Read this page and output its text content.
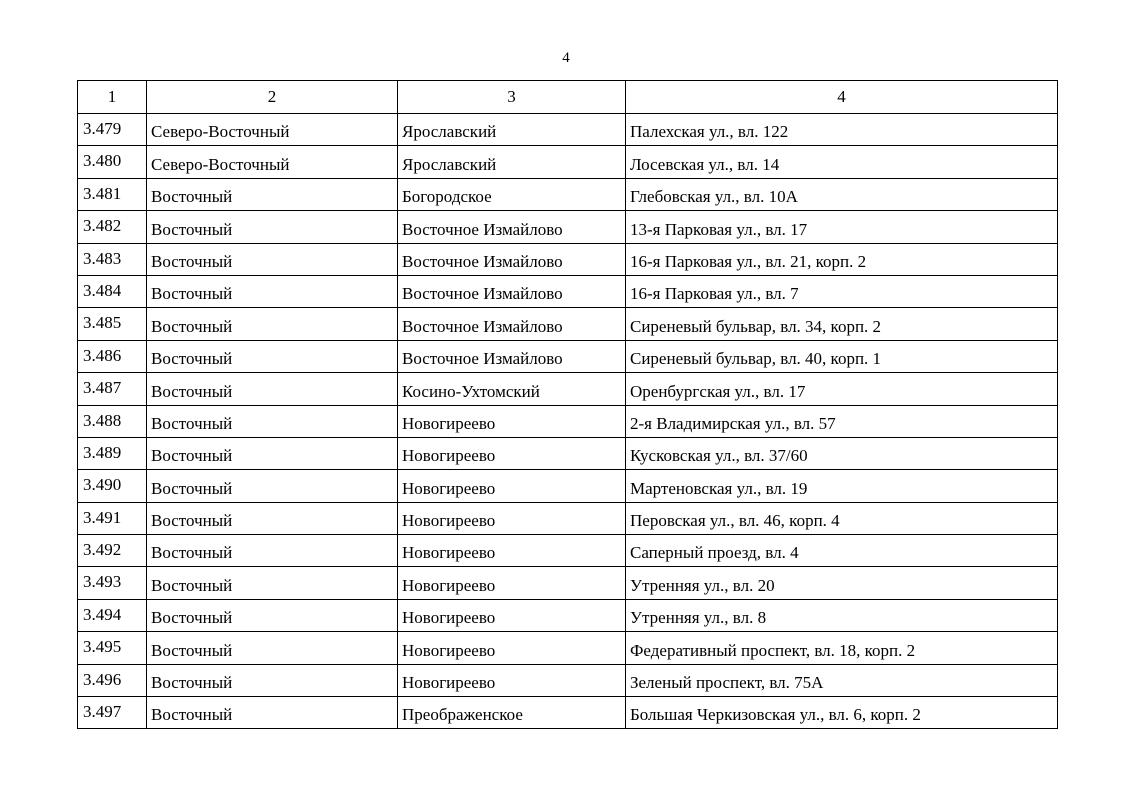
4
1	2	3	4
3.479	Северо-Восточный	Ярославский	Палехская ул., вл. 122
3.480	Северо-Восточный	Ярославский	Лосевская ул., вл. 14
3.481	Восточный	Богородское	Глебовская ул., вл. 10А
3.482	Восточный	Восточное Измайлово	13-я Парковая ул., вл. 17
3.483	Восточный	Восточное Измайлово	16-я Парковая ул., вл. 21, корп. 2
3.484	Восточный	Восточное Измайлово	16-я Парковая ул., вл. 7
3.485	Восточный	Восточное Измайлово	Сиреневый бульвар, вл. 34, корп. 2
3.486	Восточный	Восточное Измайлово	Сиреневый бульвар, вл. 40, корп. 1
3.487	Восточный	Косино-Ухтомский	Оренбургская ул., вл. 17
3.488	Восточный	Новогиреево	2-я Владимирская ул., вл. 57
3.489	Восточный	Новогиреево	Кусковская ул., вл. 37/60
3.490	Восточный	Новогиреево	Мартеновская ул., вл. 19
3.491	Восточный	Новогиреево	Перовская ул., вл. 46, корп. 4
3.492	Восточный	Новогиреево	Саперный проезд, вл. 4
3.493	Восточный	Новогиреево	Утренняя ул., вл. 20
3.494	Восточный	Новогиреево	Утренняя ул., вл. 8
3.495	Восточный	Новогиреево	Федеративный проспект, вл. 18, корп. 2
3.496	Восточный	Новогиреево	Зеленый проспект, вл. 75А
3.497	Восточный	Преображенское	Большая Черкизовская ул., вл. 6, корп. 2
